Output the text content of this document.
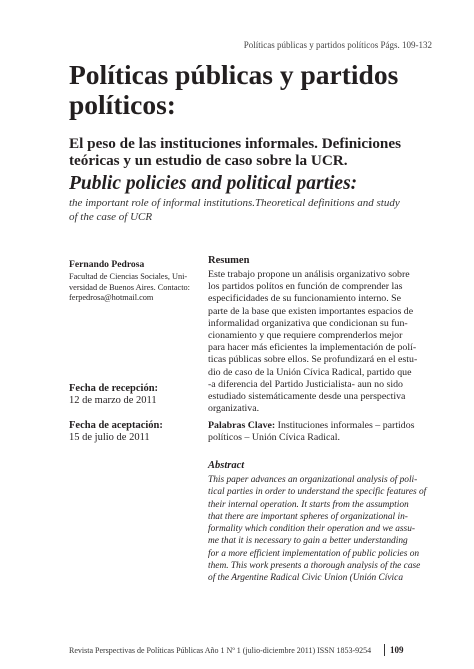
Políticas públicas y partidos políticos Págs. 109-132
Políticas públicas y partidos
políticos:
El peso de las instituciones informales. Definiciones
teóricas y un estudio de caso sobre la UCR.
Public policies and political parties:
the important role of informal institutions.Theoretical definitions and study
of the case of UCR

Fernando Pedrosa

Facultad de Ciencias Sociales, Uni-
versidad de Buenos Aires. Contacto:
ferpedrosa@hotmail.com

Fecha de recepción:

12 de marzo de 2011

Fecha de aceptación:

15 de julio de 2011

Resumen

Este trabajo propone un análisis organizativo sobre
los partidos polítos en función de comprender las
especificidades de su funcionamiento interno. Se
parte de la base que existen importantes espacios de
informalidad organizativa que condicionan su fun-
cionamiento y que requiere comprenderlos mejor
para hacer más eficientes la implementación de polí-
ticas públicas sobre ellos. Se profundizará en el estu-
dio de caso de la Unión Cívica Radical, partido que
-a diferencia del Partido Justicialista- aun no sido
estudiado sistemáticamente desde una perspectiva
organizativa.

Palabras Clave: Instituciones informales – partidos
políticos – Unión Cívica Radical.

Abstract

This paper advances an organizational analysis of poli-
tical parties in order to understand the specific features of
their internal operation. It starts from the assumption
that there are important spheres of organizational in-
formality which condition their operation and we assu-
me that it is necessary to gain a better understanding
for a more efficient implementation of public policies on
them. This work presents a thorough analysis of the case
of the Argentine Radical Civic Union (Unión Cívica

Revista Perspectivas de Políticas Públicas Año 1 Nº 1 (julio-diciembre 2011) ISSN 1853-9254 109
